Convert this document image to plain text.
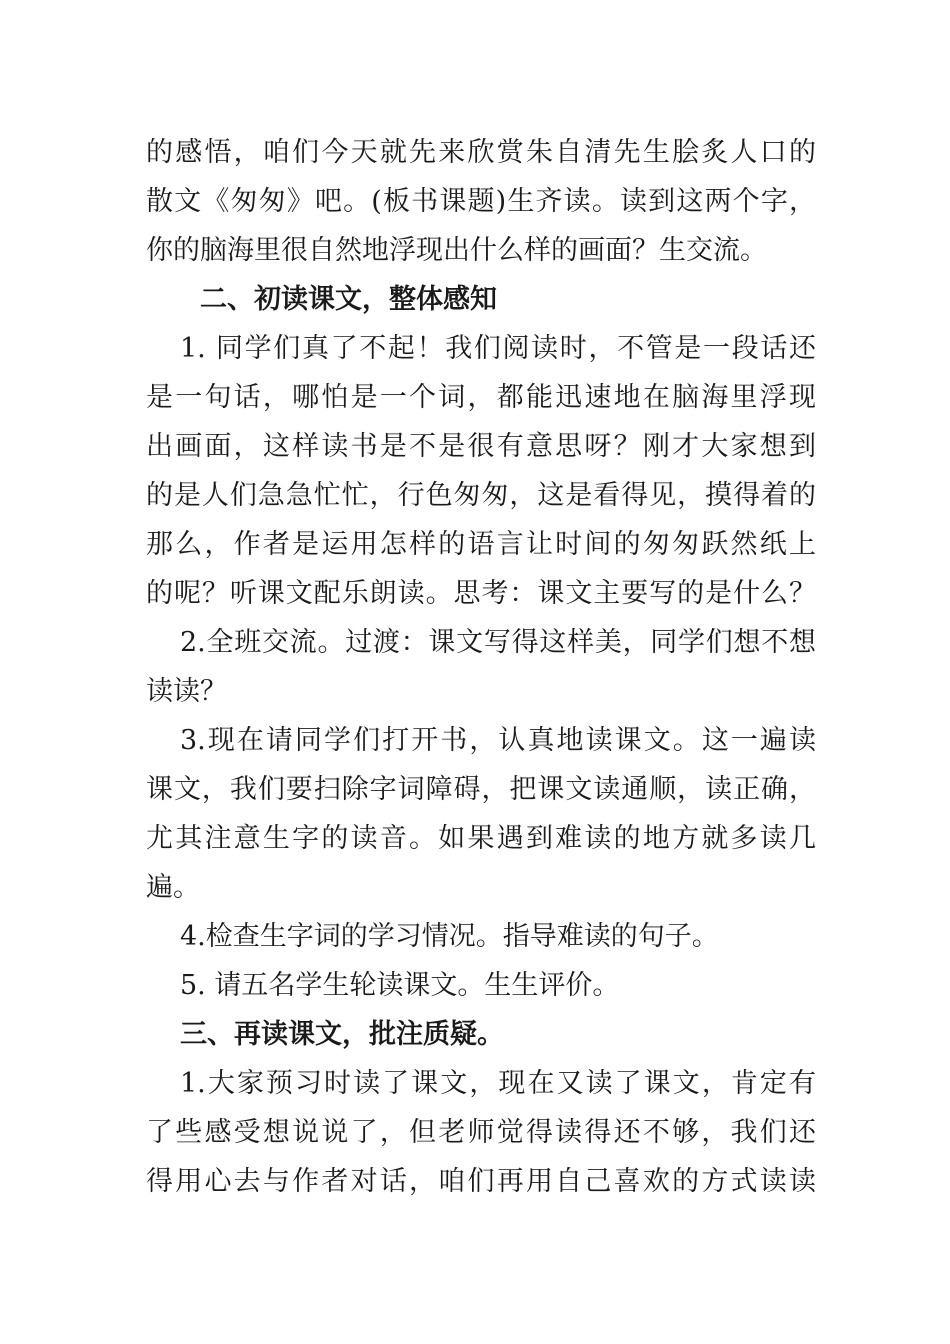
的感悟，咱们今天就先来欣赏朱自清先生脍炙人口的
散文《匆匆》吧。(板书课题)生齐读。读到这两个字，
你的脑海里很自然地浮现出什么样的画面？生交流。
二、初读课文，整体感知
1. 同学们真了不起！我们阅读时，不管是一段话还
是一句话，哪怕是一个词，都能迅速地在脑海里浮现
出画面，这样读书是不是很有意思呀？刚才大家想到
的是人们急急忙忙，行色匆匆，这是看得见，摸得着的
那么，作者是运用怎样的语言让时间的匆匆跃然纸上
的呢？听课文配乐朗读。思考：课文主要写的是什么？
2.全班交流。过渡：课文写得这样美，同学们想不想
读读？
3.现在请同学们打开书，认真地读课文。这一遍读
课文，我们要扫除字词障碍，把课文读通顺，读正确，
尤其注意生字的读音。如果遇到难读的地方就多读几
遍。
4.检查生字词的学习情况。指导难读的句子。
5. 请五名学生轮读课文。生生评价。
三、再读课文，批注质疑。
1.大家预习时读了课文，现在又读了课文，肯定有
了些感受想说说了，但老师觉得读得还不够，我们还
得用心去与作者对话，咱们再用自己喜欢的方式读读
